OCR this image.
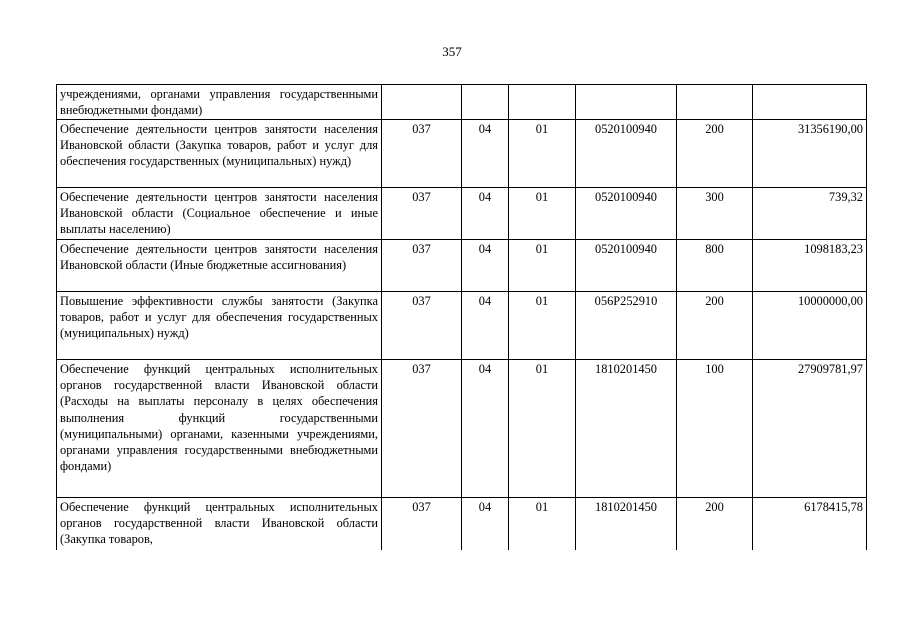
357
учреждениями, органами управления государственными внебюджетными фондами)						
Обеспечение деятельности центров занятости населения Ивановской области (Закупка товаров, работ и услуг для обеспечения государственных (муниципальных) нужд)	037	04	01	0520100940	200	31356190,00
Обеспечение деятельности центров занятости населения Ивановской области (Социальное обеспечение и иные выплаты населению)	037	04	01	0520100940	300	739,32
Обеспечение деятельности центров занятости населения Ивановской области (Иные бюджетные ассигнования)	037	04	01	0520100940	800	1098183,23
Повышение эффективности службы занятости (Закупка товаров, работ и услуг для обеспечения государственных (муниципальных) нужд)	037	04	01	056P252910	200	10000000,00
Обеспечение функций центральных исполнительных органов государственной власти Ивановской области (Расходы на выплаты персоналу в целях обеспечения выполнения функций государственными (муниципальными) органами, казенными учреждениями, органами управления государственными внебюджетными фондами)	037	04	01	1810201450	100	27909781,97
Обеспечение функций центральных исполнительных органов государственной власти Ивановской области (Закупка товаров,	037	04	01	1810201450	200	6178415,78
